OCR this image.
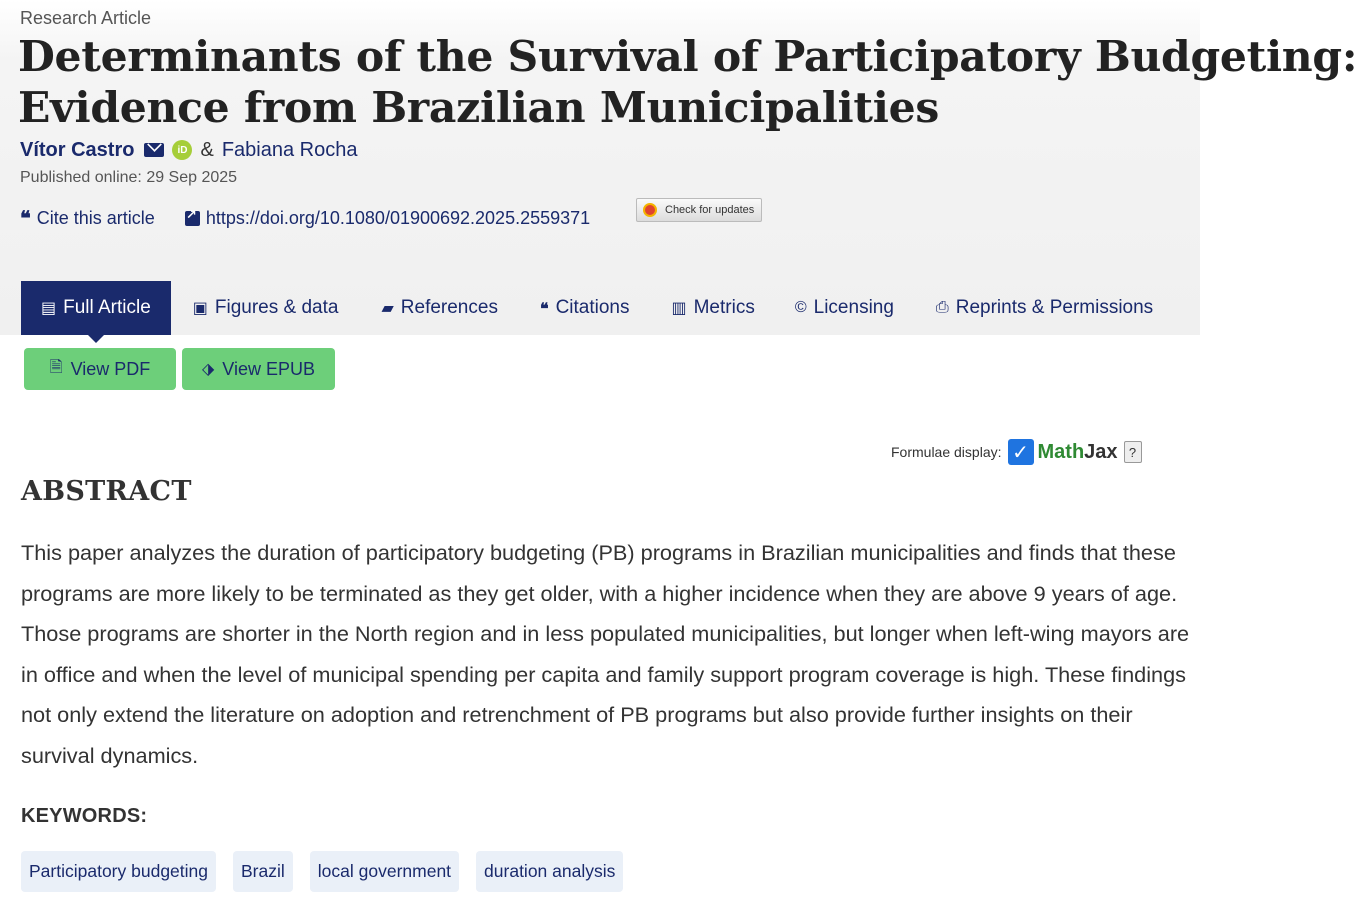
Research Article
Determinants of the Survival of Participatory Budgeting:
Evidence from Brazilian Municipalities
Vítor Castro	iD & Fabiana Rocha
Published online: 29 Sep 2025
❝ Cite this article
↗	https://doi.org/10.1080/01900692.2025.2559371	Check for updates
▤ Full Article	▣ Figures & data	▰ References	❝ Citations	▥ Metrics	© Licensing	⎙ Reprints & Permissions
🗎 View PDF	⬗ View EPUB
Formulae display: ✓ MathJax ?
ABSTRACT
This paper analyzes the duration of participatory budgeting (PB) programs in Brazilian municipalities and finds that these programs are more likely to be terminated as they get older, with a higher incidence when they are above 9 years of age. Those programs are shorter in the North region and in less populated municipalities, but longer when left-wing mayors are in office and when the level of municipal spending per capita and family support program coverage is high. These findings not only extend the literature on adoption and retrenchment of PB programs but also provide further insights on their survival dynamics.
KEYWORDS:
Participatory budgeting	Brazil	local government	duration analysis
